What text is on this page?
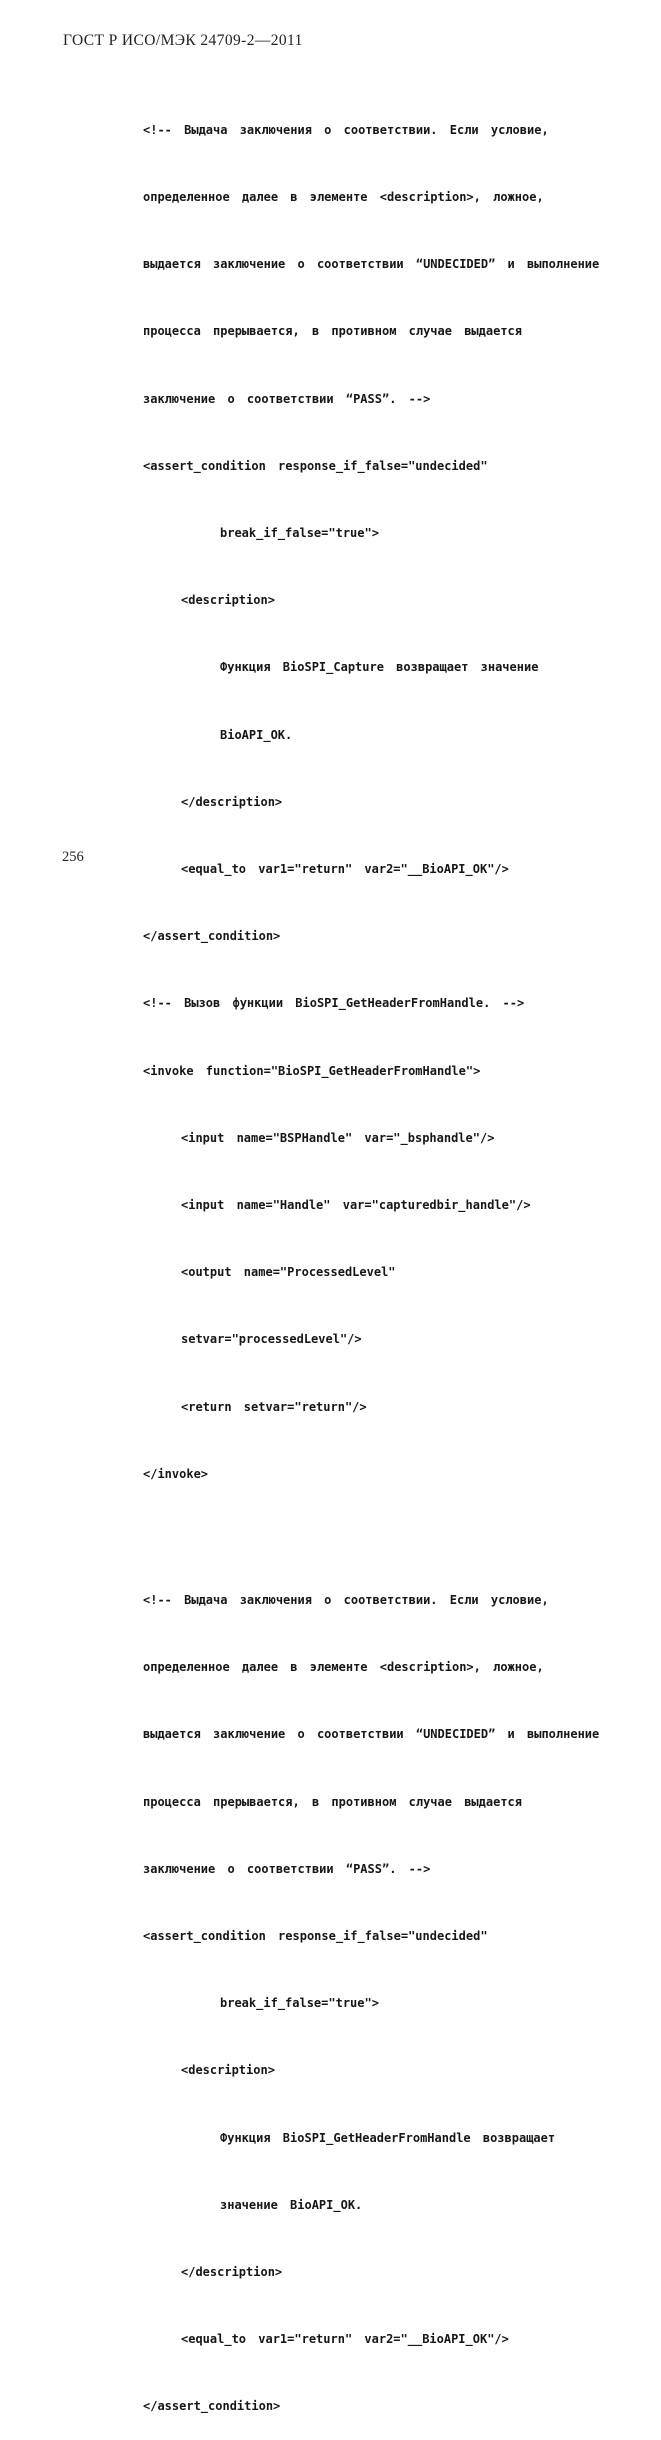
ГОСТ Р ИСО/МЭК 24709-2—2011

<!-- Выдача заключения о соответствии. Если условие,

определенное далее в элементе <description>, ложное,

выдается заключение о соответствии “UNDECIDED” и выполнение

процесса прерывается, в противном случае выдается

заключение о соответствии “PASS”. -->

<assert_condition response_if_false="undecided"

break_if_false="true">

<description>

Функция BioSPI_Capture возвращает значение

BioAPI_OK.

</description>

<equal_to var1="return" var2="__BioAPI_OK"/>

</assert_condition>

<!-- Вызов функции BioSPI_GetHeaderFromHandle. -->

<invoke function="BioSPI_GetHeaderFromHandle">

<input name="BSPHandle" var="_bsphandle"/>

<input name="Handle" var="capturedbir_handle"/>

<output name="ProcessedLevel"

setvar="processedLevel"/>

<return setvar="return"/>

</invoke>

<!-- Выдача заключения о соответствии. Если условие,

определенное далее в элементе <description>, ложное,

выдается заключение о соответствии “UNDECIDED” и выполнение

процесса прерывается, в противном случае выдается

заключение о соответствии “PASS”. -->

<assert_condition response_if_false="undecided"

break_if_false="true">

<description>

Функция BioSPI_GetHeaderFromHandle возвращает

значение BioAPI_OK.

</description>

<equal_to var1="return" var2="__BioAPI_OK"/>

</assert_condition>

256
